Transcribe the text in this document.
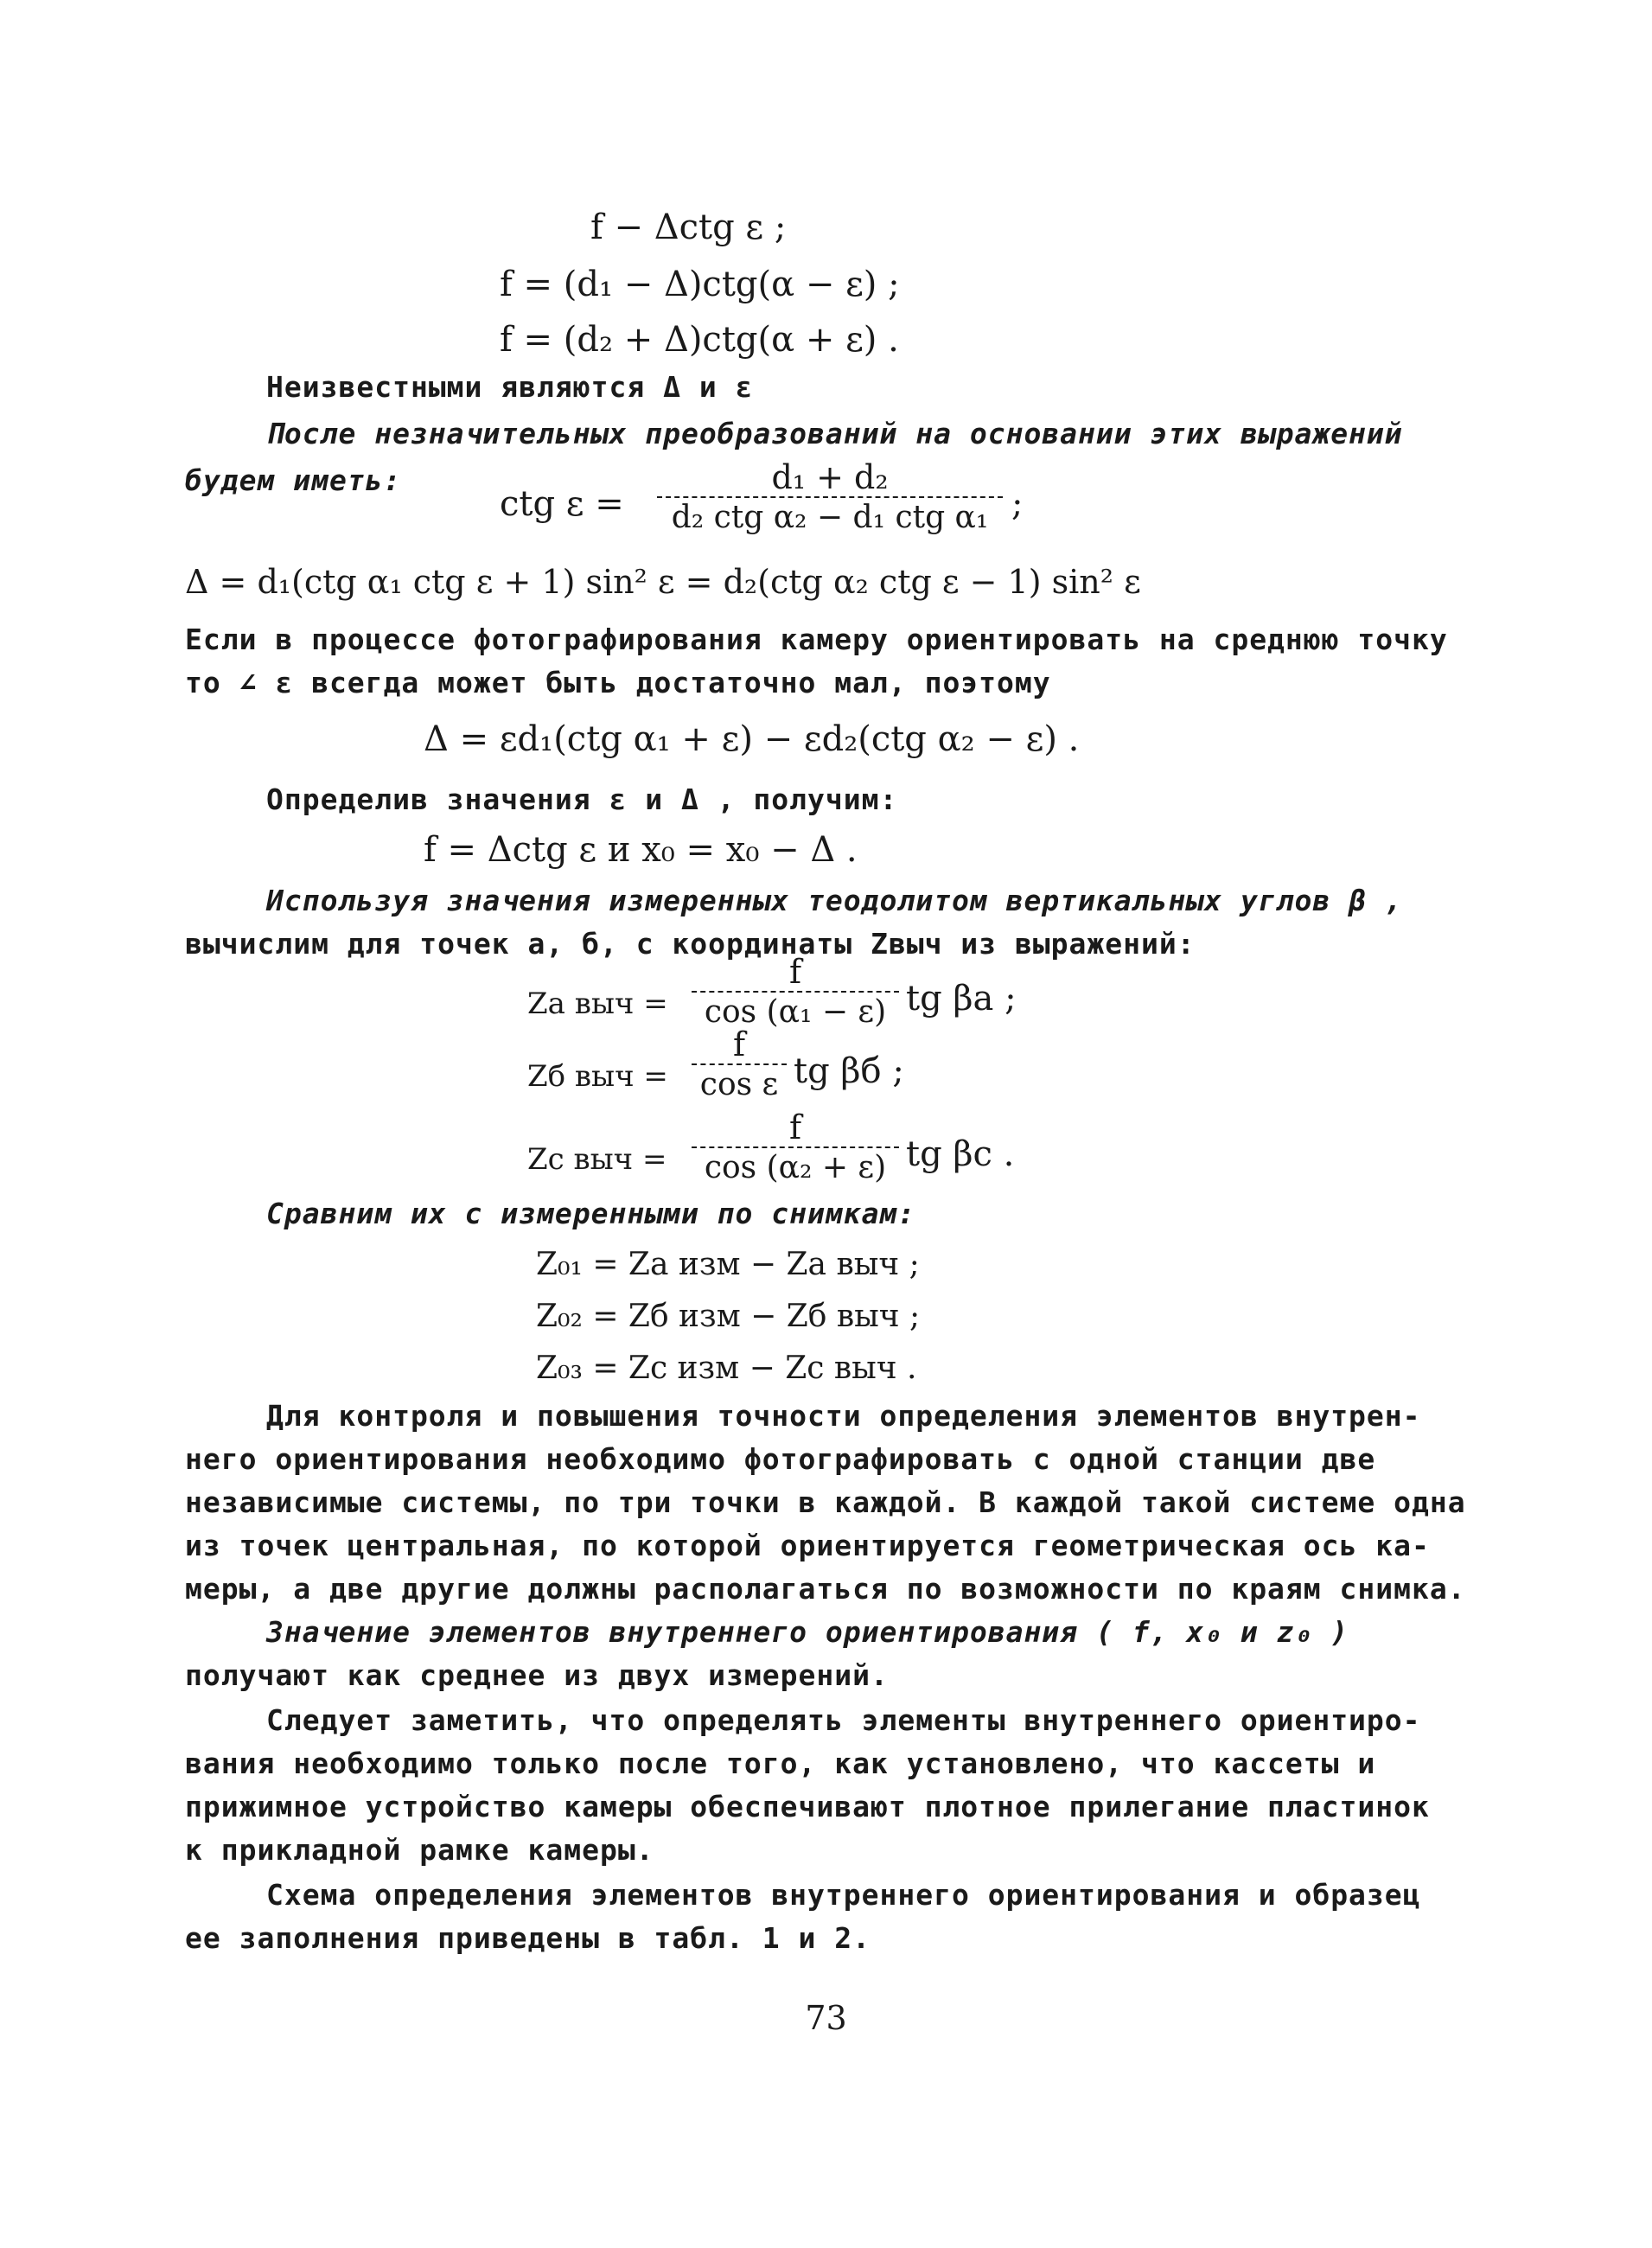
f − Δctg ε ;
f = (d₁ − Δ)ctg(α − ε) ;
f = (d₂ + Δ)ctg(α + ε) .
Неизвестными являются Δ и ε
После незначительных преобразований на основании этих выражений
будем иметь:
ctg ε =
d₁ + d₂
d₂ ctg α₂ − d₁ ctg α₁ ;
Δ = d₁(ctg α₁ ctg ε + 1) sin² ε = d₂(ctg α₂ ctg ε − 1) sin² ε
Если в процессе фотографирования камеру ориентировать на среднюю точку
то ∠ ε всегда может быть достаточно мал, поэтому
Δ = εd₁(ctg α₁ + ε) − εd₂(ctg α₂ − ε) .
Определив значения ε и Δ , получим:
f = Δctg ε и x₀ = x₀ − Δ .
Используя значения измеренных теодолитом вертикальных углов β ,
вычислим для точек a, б, c координаты Zвыч из выражений:
Za выч = $\frac{f}{\text{cos (α₁ − ε)}}$ tg βa ;
Zб выч = $\frac{f}{\text{cos ε}}$ tg βб ;
Zc выч = $\frac{f}{\text{cos (α₂ + ε)}}$ tg βc .
Сравним их с измеренными по снимкам:
Z₀₁ = Za изм − Za выч ;
Z₀₂ = Zб изм − Zб выч ;
Z₀₃ = Zc изм − Zc выч .
Для контроля и повышения точности определения элементов внутрен-
него ориентирования необходимо фотографировать с одной станции две
независимые системы, по три точки в каждой. В каждой такой системе одна
из точек центральная, по которой ориентируется геометрическая ось ка-
меры, а две другие должны располагаться по возможности по краям снимка.
Значение элементов внутреннего ориентирования ( f, x₀ и z₀ )
получают как среднее из двух измерений.
Следует заметить, что определять элементы внутреннего ориентиро-
вания необходимо только после того, как установлено, что кассеты и
прижимное устройство камеры обеспечивают плотное прилегание пластинок
к прикладной рамке камеры.
Схема определения элементов внутреннего ориентирования и образец
ее заполнения приведены в табл. 1 и 2.
73
